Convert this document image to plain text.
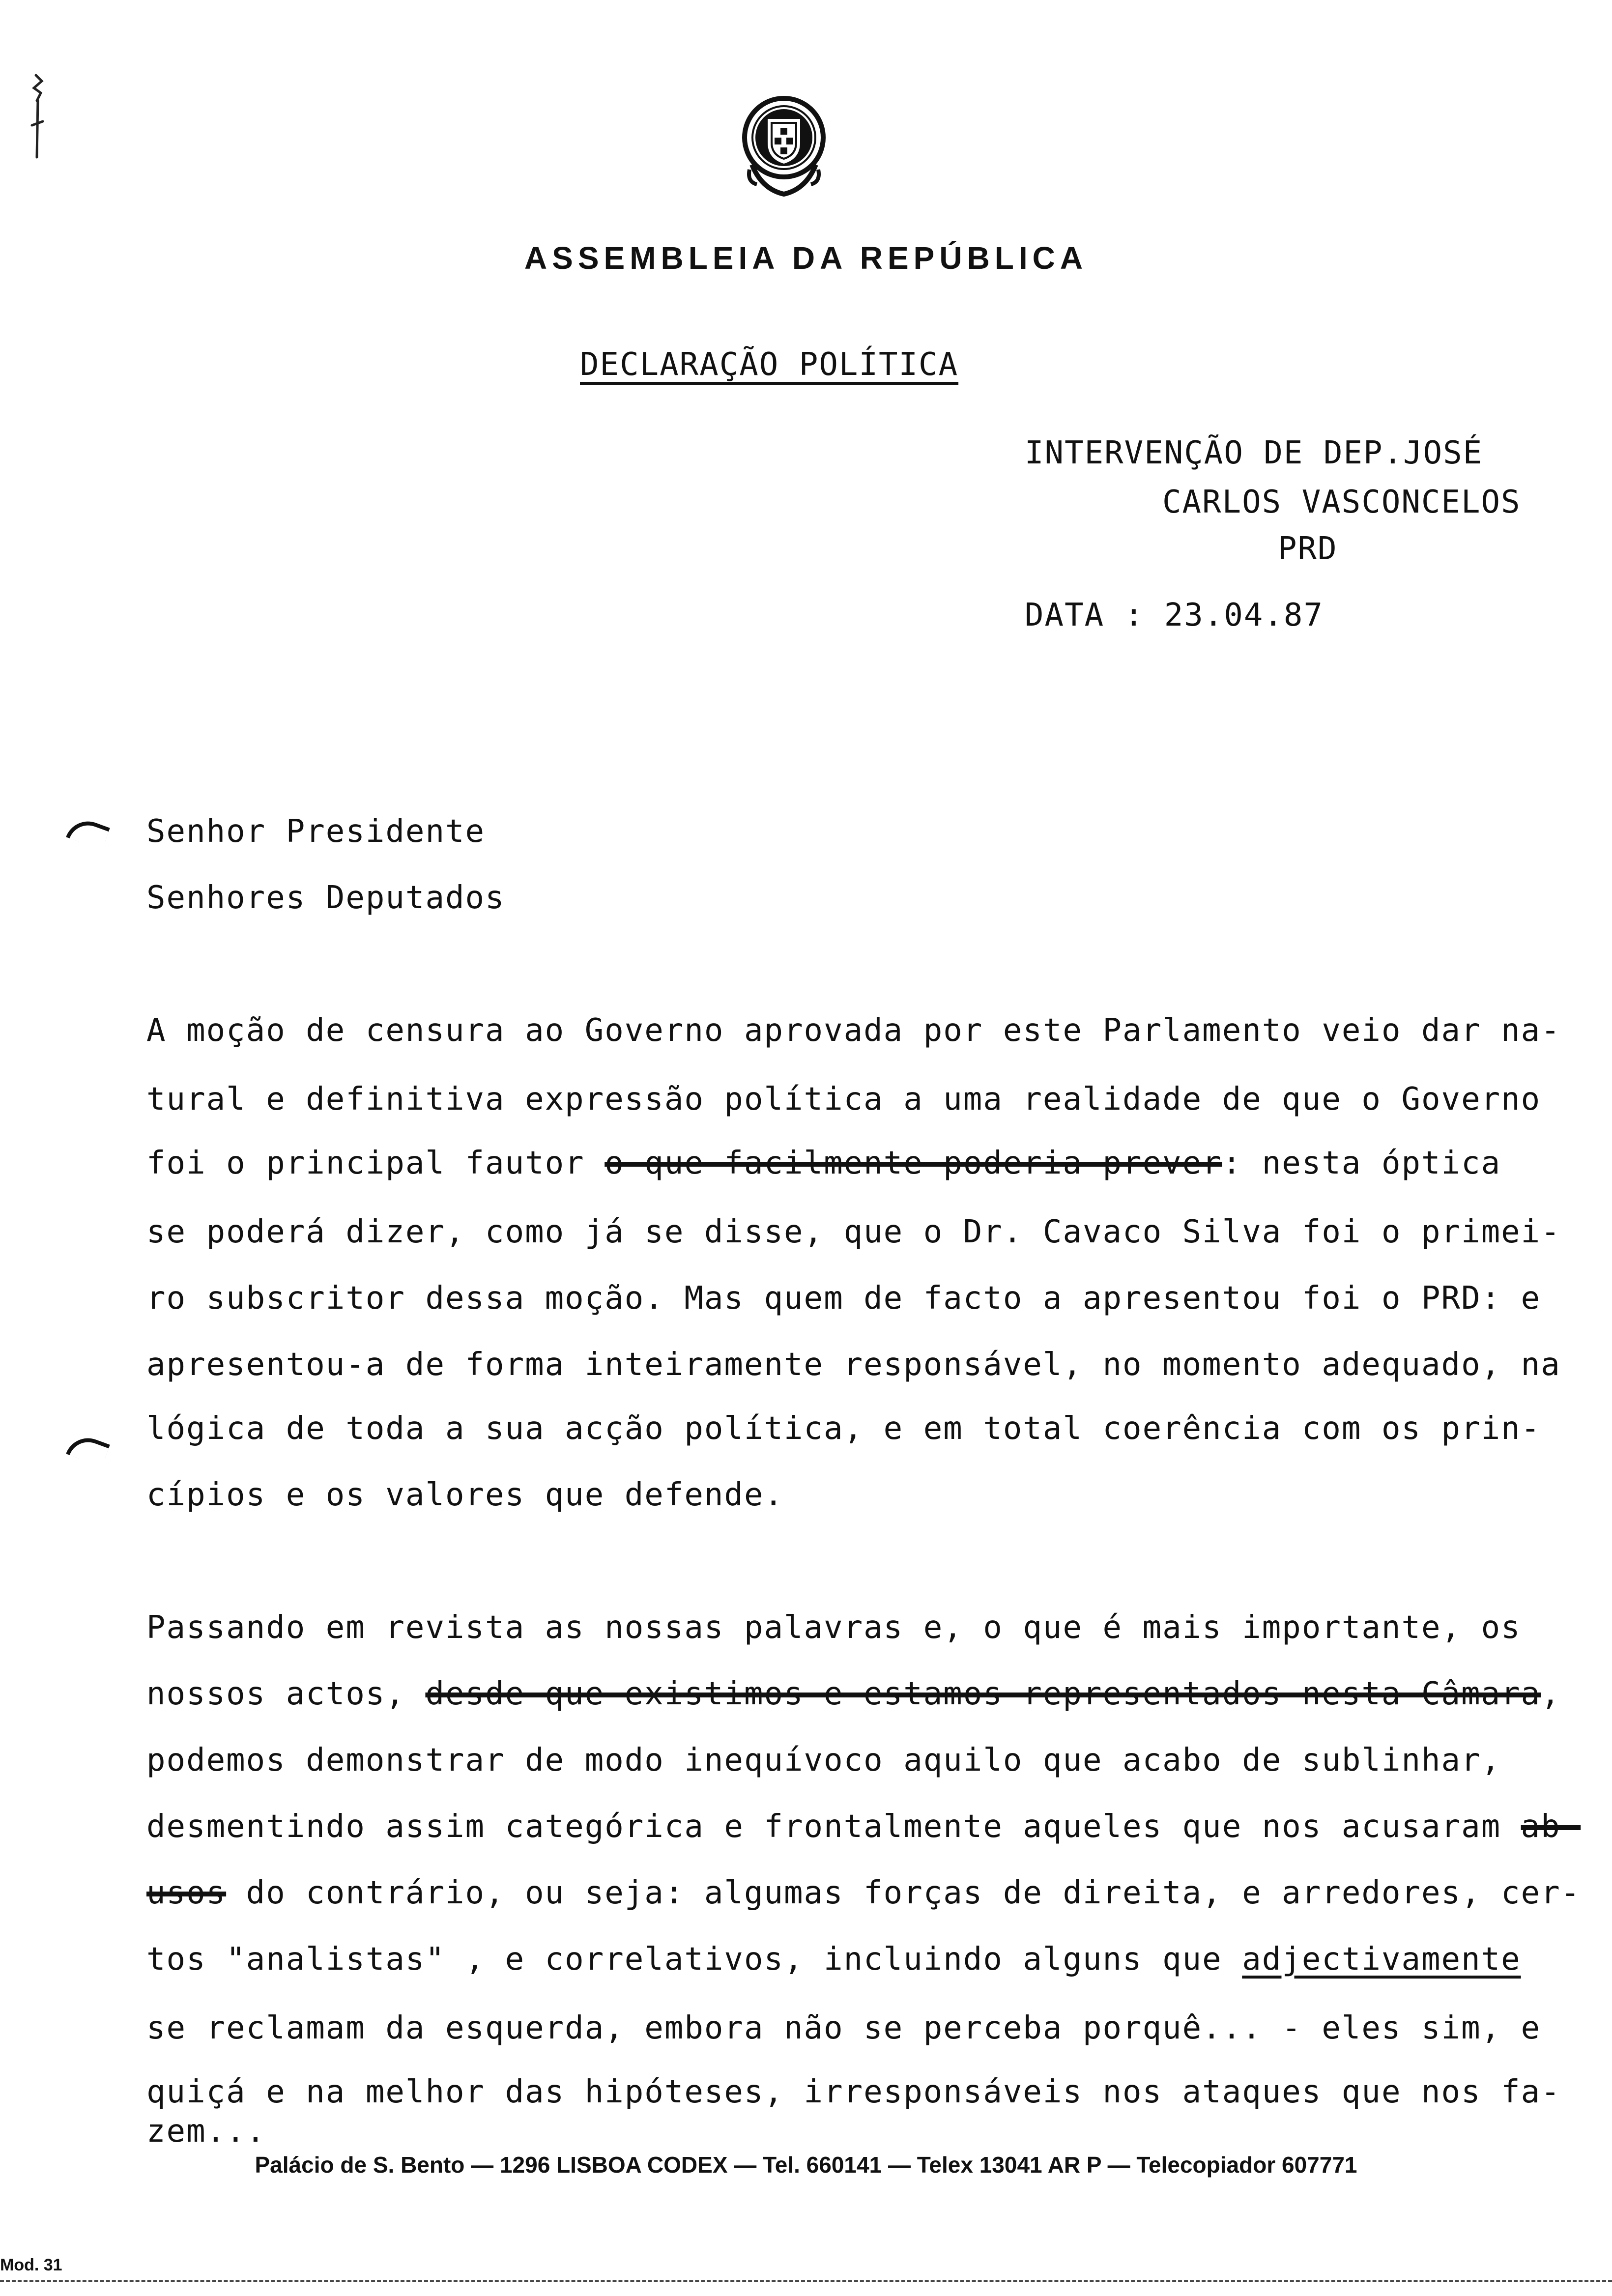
ASSEMBLEIA DA REPÚBLICA
DECLARAÇÃO POLÍTICA
INTERVENÇÃO DE DEP.JOSÉ
CARLOS VASCONCELOS
PRD
DATA : 23.04.87
Senhor Presidente
Senhores Deputados
A moção de censura ao Governo aprovada por este Parlamento veio dar na-
tural e definitiva expressão política a uma realidade de que o Governo
foi o principal fautor o que facilmente poderia prever: nesta óptica
se poderá dizer, como já se disse, que o Dr. Cavaco Silva foi o primei-
ro subscritor dessa moção. Mas quem de facto a apresentou foi o PRD: e
apresentou-a de forma inteiramente responsável, no momento adequado, na
lógica de toda a sua acção política, e em total coerência com os prin-
cípios e os valores que defende.
Passando em revista as nossas palavras e, o que é mais importante, os
nossos actos, desde que existimos e estamos representados nesta Câmara,
podemos demonstrar de modo inequívoco aquilo que acabo de sublinhar,
desmentindo assim categórica e frontalmente aqueles que nos acusaram ab-
usos do contrário, ou seja: algumas forças de direita, e arredores, cer-
tos "analistas" , e correlativos, incluindo alguns que adjectivamente
se reclamam da esquerda, embora não se perceba porquê... - eles sim, e
quiçá e na melhor das hipóteses, irresponsáveis nos ataques que nos fa-
zem...
Palácio de S. Bento — 1296 LISBOA CODEX — Tel. 660141 — Telex 13041 AR P — Telecopiador 607771
Mod. 31
